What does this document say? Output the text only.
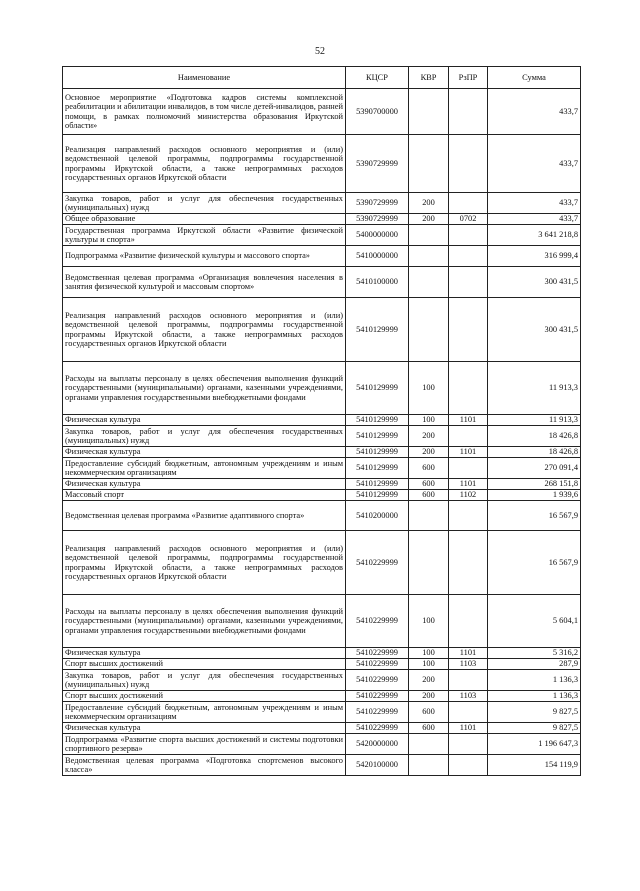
52
Наименование	КЦСР	КВР	РзПР	Сумма
Основное мероприятие «Подготовка кадров системы комплексной реабилитации и абилитации инвалидов, в том числе детей-инвалидов, ранней помощи, в рамках полномочий министерства образования Иркутской области»	5390700000			433,7
Реализация направлений расходов основного мероприятия и (или) ведомственной целевой программы, подпрограммы государственной программы Иркутской области, а также непрограммных расходов государственных органов Иркутской области	5390729999			433,7
Закупка товаров, работ и услуг для обеспечения государственных (муниципальных) нужд	5390729999	200		433,7
Общее образование	5390729999	200	0702	433,7
Государственная программа Иркутской области «Развитие физической культуры и спорта»	5400000000			3 641 218,8
Подпрограмма «Развитие физической культуры и массового спорта»	5410000000			316 999,4
Ведомственная целевая программа «Организация вовлечения населения в занятия физической культурой и массовым спортом»	5410100000			300 431,5
Реализация направлений расходов основного мероприятия и (или) ведомственной целевой программы, подпрограммы государственной программы Иркутской области, а также непрограммных расходов государственных органов Иркутской области	5410129999			300 431,5
Расходы на выплаты персоналу в целях обеспечения выполнения функций государственными (муниципальными) органами, казенными учреждениями, органами управления государственными внебюджетными фондами	5410129999	100		11 913,3
Физическая культура	5410129999	100	1101	11 913,3
Закупка товаров, работ и услуг для обеспечения государственных (муниципальных) нужд	5410129999	200		18 426,8
Физическая культура	5410129999	200	1101	18 426,8
Предоставление субсидий бюджетным, автономным учреждениям и иным некоммерческим организациям	5410129999	600		270 091,4
Физическая культура	5410129999	600	1101	268 151,8
Массовый спорт	5410129999	600	1102	1 939,6
Ведомственная целевая программа «Развитие адаптивного спорта»	5410200000			16 567,9
Реализация направлений расходов основного мероприятия и (или) ведомственной целевой программы, подпрограммы государственной программы Иркутской области, а также непрограммных расходов государственных органов Иркутской области	5410229999			16 567,9
Расходы на выплаты персоналу в целях обеспечения выполнения функций государственными (муниципальными) органами, казенными учреждениями, органами управления государственными внебюджетными фондами	5410229999	100		5 604,1
Физическая культура	5410229999	100	1101	5 316,2
Спорт высших достижений	5410229999	100	1103	287,9
Закупка товаров, работ и услуг для обеспечения государственных (муниципальных) нужд	5410229999	200		1 136,3
Спорт высших достижений	5410229999	200	1103	1 136,3
Предоставление субсидий бюджетным, автономным учреждениям и иным некоммерческим организациям	5410229999	600		9 827,5
Физическая культура	5410229999	600	1101	9 827,5
Подпрограмма «Развитие спорта высших достижений и системы подготовки спортивного резерва»	5420000000			1 196 647,3
Ведомственная целевая программа «Подготовка спортсменов высокого класса»	5420100000			154 119,9
